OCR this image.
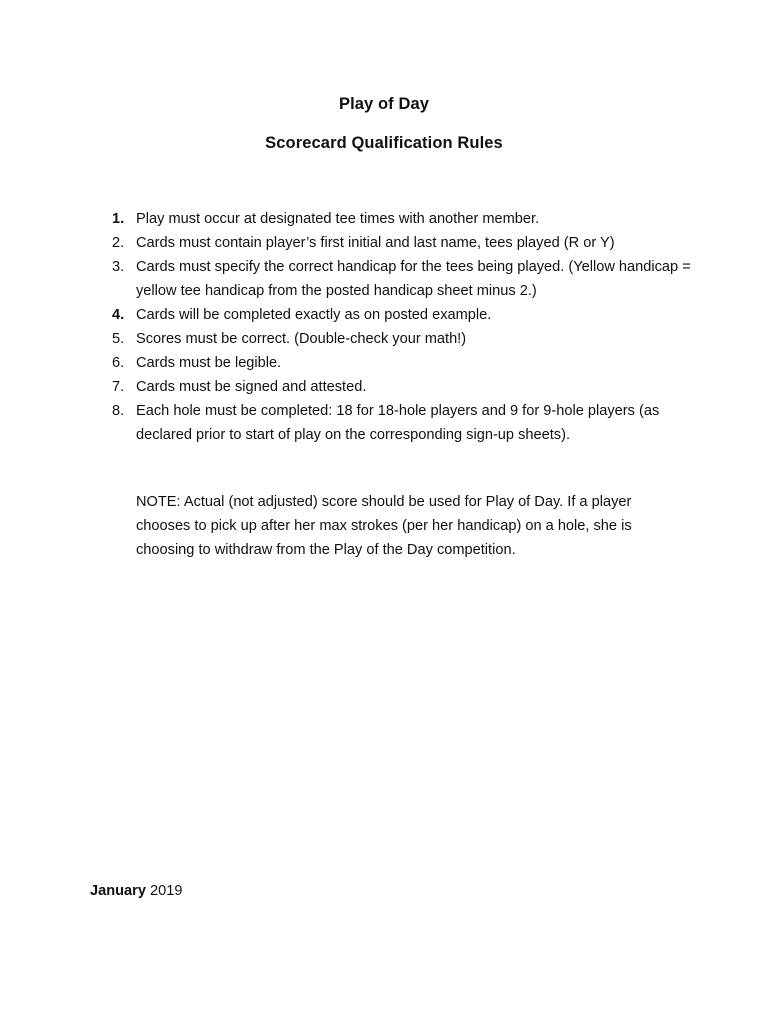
Play of Day
Scorecard Qualification Rules
1. Play must occur at designated tee times with another member.
2. Cards must contain player’s first initial and last name, tees played (R or Y)
3. Cards must specify the correct handicap for the tees being played. (Yellow handicap = yellow tee handicap from the posted handicap sheet minus 2.)
4. Cards will be completed exactly as on posted example.
5. Scores must be correct. (Double-check your math!)
6. Cards must be legible.
7. Cards must be signed and attested.
8. Each hole must be completed: 18 for 18-hole players and 9 for 9-hole players (as declared prior to start of play on the corresponding sign-up sheets).
NOTE: Actual (not adjusted) score should be used for Play of Day. If a player chooses to pick up after her max strokes (per her handicap) on a hole, she is choosing to withdraw from the Play of the Day competition.
January 2019
